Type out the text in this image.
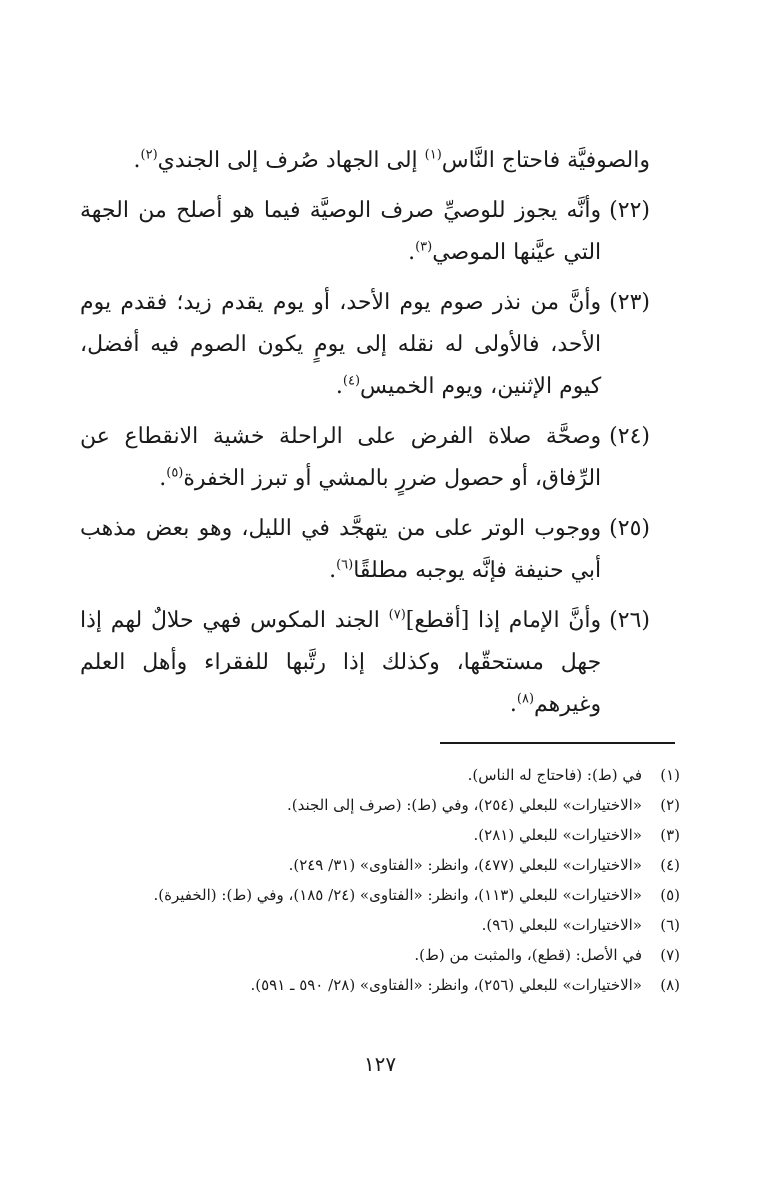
والصوفيَّة فاحتاج النَّاس$^{(١)}$ إلى الجهاد صُرف إلى الجندي$^{(٢)}$.

(٢٢)
وأنَّه يجوز للوصيِّ صرف الوصيَّة فيما هو أصلح من الجهة التي عيَّنها الموصي$^{(٣)}$.
(٢٣)
وأنَّ من نذر صوم يوم الأحد، أو يوم يقدم زيد؛ فقدم يوم الأحد، فالأولى له نقله إلى يومٍ يكون الصوم فيه أفضل، كيوم الإثنين، ويوم الخميس$^{(٤)}$.
(٢٤)
وصحَّة صلاة الفرض على الراحلة خشية الانقطاع عن الرِّفاق، أو حصول ضررٍ بالمشي أو تبرز الخفرة$^{(٥)}$.
(٢٥)
ووجوب الوتر على من يتهجَّد في الليل، وهو بعض مذهب أبي حنيفة فإنَّه يوجبه مطلقًا$^{(٦)}$.
(٢٦)
وأنَّ الإمام إذا [أقطع]$^{(٧)}$ الجند المكوس فهي حلالٌ لهم إذا جهل مستحقّها، وكذلك إذا رتَّبها للفقراء وأهل العلم وغيرهم$^{(٨)}$.
(١)
في (ط): (فاحتاج له الناس).
(٢)
«الاختيارات» للبعلي (٢٥٤)، وفي (ط): (صرف إلى الجند).
(٣)
«الاختيارات» للبعلي (٢٨١).
(٤)
«الاختيارات» للبعلي (٤٧٧)، وانظر: «الفتاوى» (٣١/ ٢٤٩).
(٥)
«الاختيارات» للبعلي (١١٣)، وانظر: «الفتاوى» (٢٤/ ١٨٥)، وفي (ط): (الخفيرة).
(٦)
«الاختيارات» للبعلي (٩٦).
(٧)
في الأصل: (قطع)، والمثبت من (ط).
(٨)
«الاختيارات» للبعلي (٢٥٦)، وانظر: «الفتاوى» (٢٨/ ٥٩٠ ـ ٥٩١).
١٢٧
